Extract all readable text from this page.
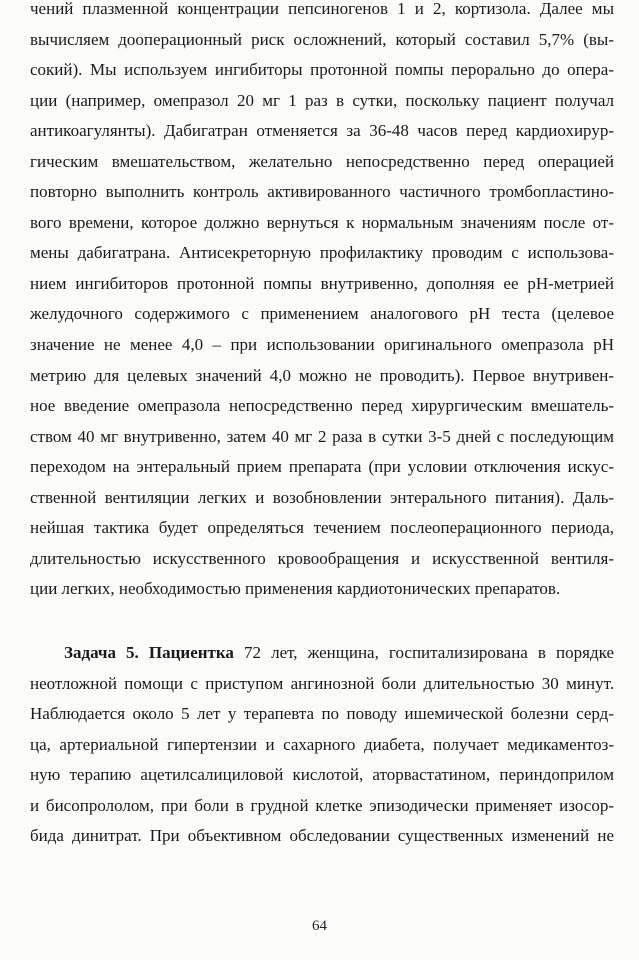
чений плазменной концентрации пепсиногенов 1 и 2, кортизола. Далее мы
вычисляем дооперационный риск осложнений, который составил 5,7% (вы-
сокий). Мы используем ингибиторы протонной помпы перорально до опера-
ции (например, омепразол 20 мг 1 раз в сутки, поскольку пациент получал
антикоагулянты). Дабигатран отменяется за 36-48 часов перед кардиохирур-
гическим вмешательством, желательно непосредственно перед операцией
повторно выполнить контроль активированного частичного тромбопластино-
вого времени, которое должно вернуться к нормальным значениям после от-
мены дабигатрана. Антисекреторную профилактику проводим с использова-
нием ингибиторов протонной помпы внутривенно, дополняя ее рН-метрией
желудочного содержимого с применением аналогового рН теста (целевое
значение не менее 4,0 – при использовании оригинального омепразола рН
метрию для целевых значений 4,0 можно не проводить). Первое внутривен-
ное введение омепразола непосредственно перед хирургическим вмешатель-
ством 40 мг внутривенно, затем 40 мг 2 раза в сутки 3-5 дней с последующим
переходом на энтеральный прием препарата (при условии отключения искус-
ственной вентиляции легких и возобновлении энтерального питания). Даль-
нейшая тактика будет определяться течением послеоперационного периода,
длительностью искусственного кровообращения и искусственной вентиля-
ции легких, необходимостью применения кардиотонических препаратов.
Задача 5. Пациентка 72 лет, женщина, госпитализирована в порядке
неотложной помощи с приступом ангинозной боли длительностью 30 минут.
Наблюдается около 5 лет у терапевта по поводу ишемической болезни серд-
ца, артериальной гипертензии и сахарного диабета, получает медикаментоз-
ную терапию ацетилсалициловой кислотой, аторвастатином, периндоприлом
и бисопрололом, при боли в грудной клетке эпизодически применяет изосор-
бида динитрат. При объективном обследовании существенных изменений не
64
